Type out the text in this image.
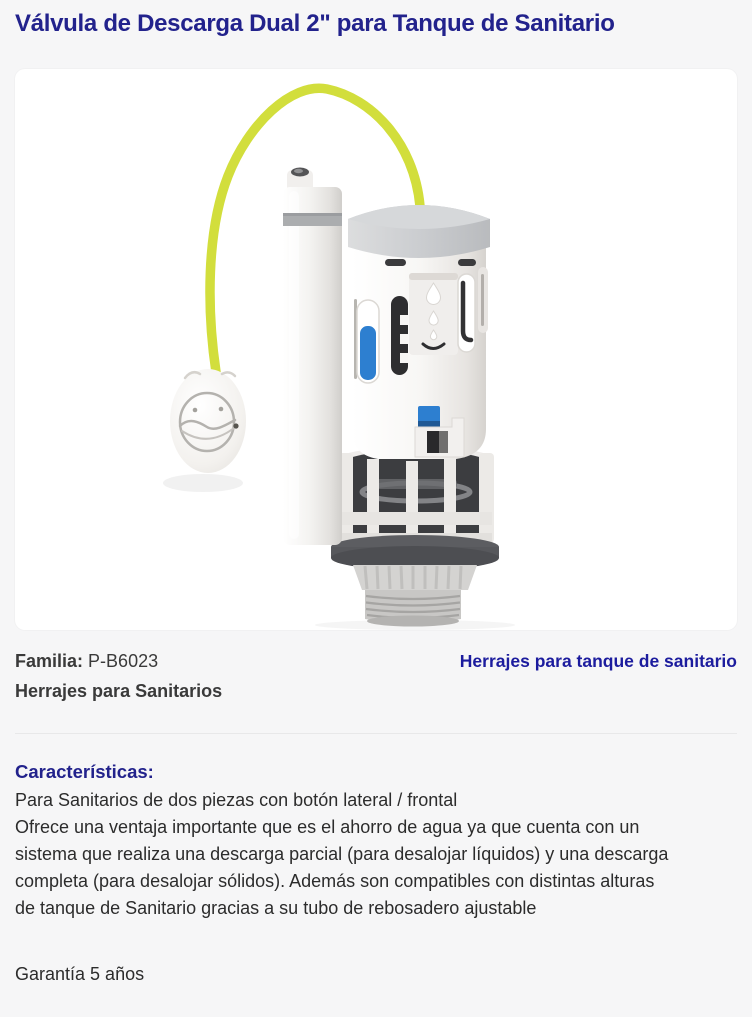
Válvula de Descarga Dual 2" para Tanque de Sanitario
Familia: P-B6023
Herrajes para Sanitarios
Herrajes para tanque de sanitario
Características:

Para Sanitarios de dos piezas con botón lateral / frontal

Ofrece una ventaja importante que es el ahorro de agua ya que cuenta con un sistema que realiza una descarga parcial (para desalojar líquidos) y una descarga completa (para desalojar sólidos). Además son compatibles con distintas alturas de tanque de Sanitario gracias a su tubo de rebosadero ajustable

Garantía 5 años
